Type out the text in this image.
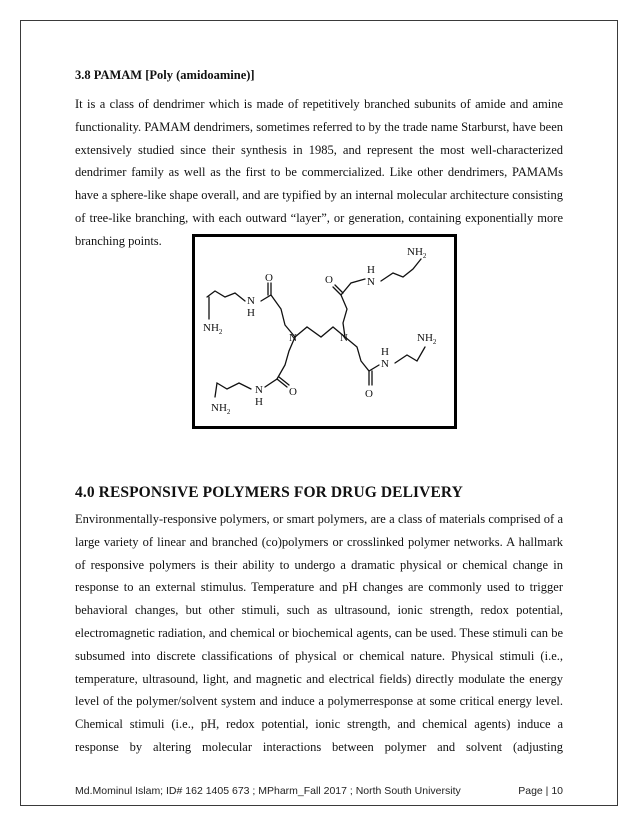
3.8 PAMAM [Poly (amidoamine)]
It is a class of dendrimer which is made of repetitively branched subunits of amide and amine functionality. PAMAM dendrimers, sometimes referred to by the trade name Starburst, have been extensively studied since their synthesis in 1985, and represent the most well-characterized dendrimer family as well as the first to be commercialized. Like other dendrimers, PAMAMs have a sphere-like shape overall, and are typified by an internal molecular architecture consisting of tree-like branching, with each outward “layer”, or generation, containing exponentially more branching points.
N	N
O
N
H
$NH_2$
N
H
O
$NH_2$
O
H
N
$NH_2$
H
N
O
$NH_2$
4.0 RESPONSIVE POLYMERS FOR DRUG DELIVERY
Environmentally-responsive polymers, or smart polymers, are a class of materials comprised of a large variety of linear and branched (co)polymers or crosslinked polymer networks. A hallmark of responsive polymers is their ability to undergo a dramatic physical or chemical change in response to an external stimulus. Temperature and pH changes are commonly used to trigger behavioral changes, but other stimuli, such as ultrasound, ionic strength, redox potential, electromagnetic radiation, and chemical or biochemical agents, can be used. These stimuli can be subsumed into discrete classifications of physical or chemical nature. Physical stimuli (i.e., temperature, ultrasound, light, and magnetic and electrical fields) directly modulate the energy level of the polymer/solvent system and induce a polymerresponse at some critical energy level. Chemical stimuli (i.e., pH, redox potential, ionic strength, and chemical agents) induce a response by altering molecular interactions between polymer and solvent (adjusting
Md.Mominul Islam; ID# 162 1405 673 ; MPharm_Fall 2017 ; North South University	Page | 10
